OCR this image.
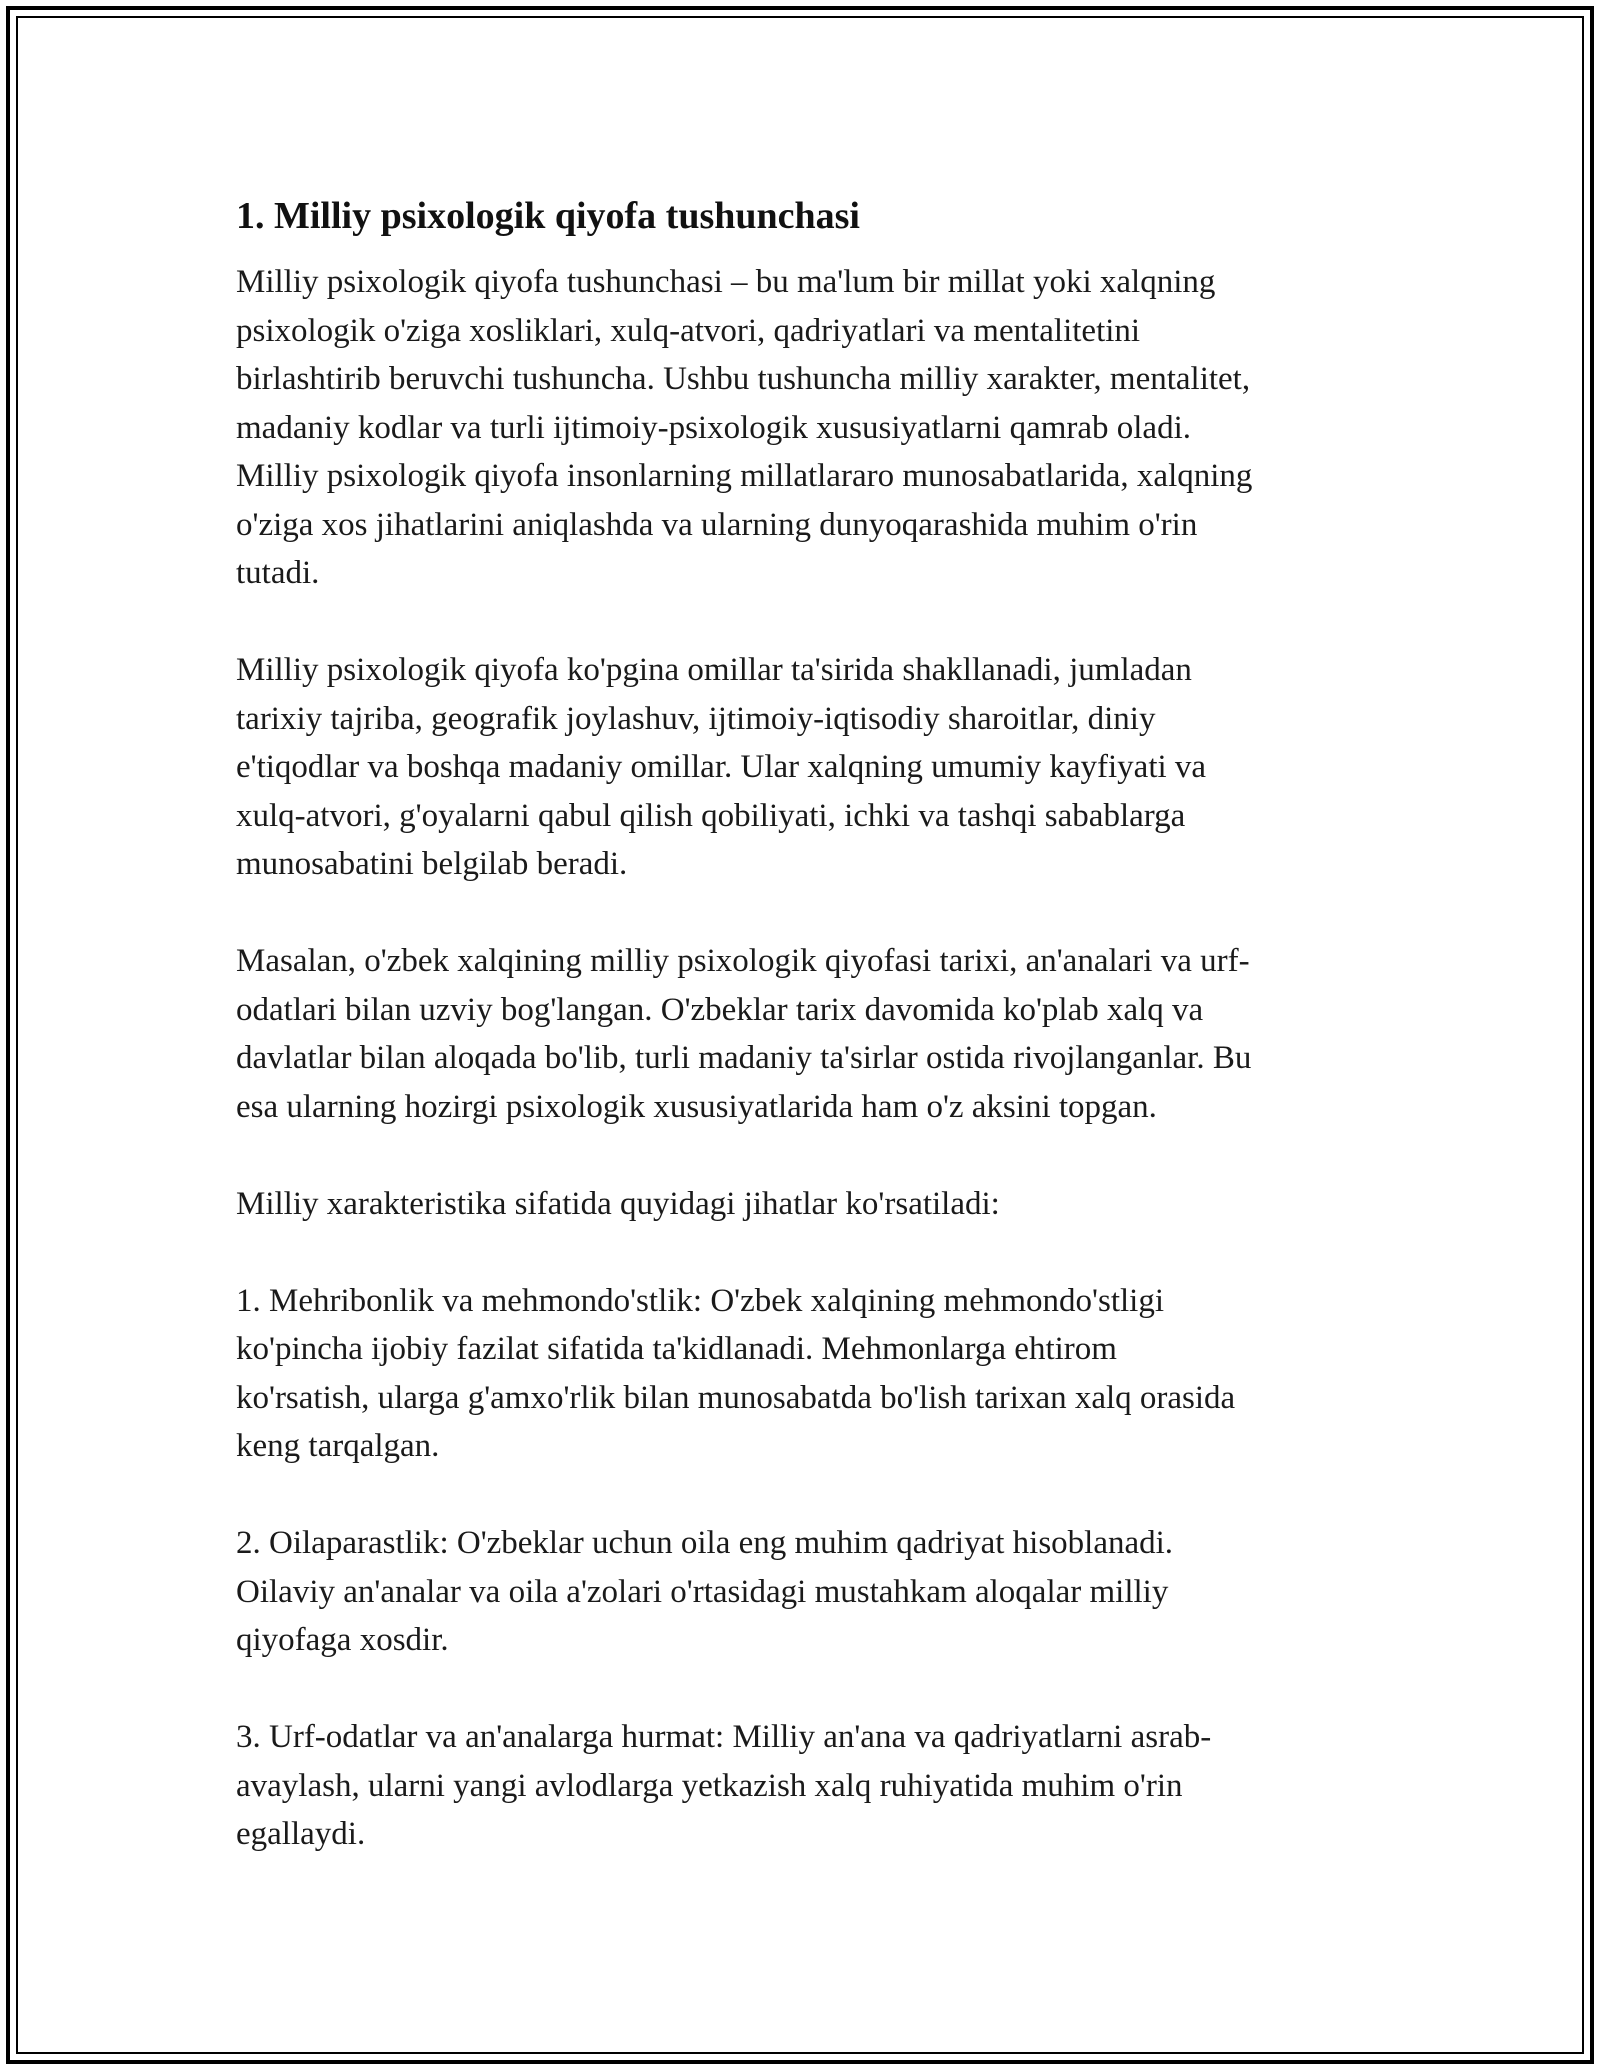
1. Milliy psixologik qiyofa tushunchasi

Milliy psixologik qiyofa tushunchasi – bu ma'lum bir millat yoki xalqning
psixologik o'ziga xosliklari, xulq-atvori, qadriyatlari va mentalitetini
birlashtirib beruvchi tushuncha. Ushbu tushuncha milliy xarakter, mentalitet,
madaniy kodlar va turli ijtimoiy-psixologik xususiyatlarni qamrab oladi.
Milliy psixologik qiyofa insonlarning millatlararo munosabatlarida, xalqning
o'ziga xos jihatlarini aniqlashda va ularning dunyoqarashida muhim o'rin
tutadi.

Milliy psixologik qiyofa ko'pgina omillar ta'sirida shakllanadi, jumladan
tarixiy tajriba, geografik joylashuv, ijtimoiy-iqtisodiy sharoitlar, diniy
e'tiqodlar va boshqa madaniy omillar. Ular xalqning umumiy kayfiyati va
xulq-atvori, g'oyalarni qabul qilish qobiliyati, ichki va tashqi sabablarga
munosabatini belgilab beradi.

Masalan, o'zbek xalqining milliy psixologik qiyofasi tarixi, an'analari va urf-
odatlari bilan uzviy bog'langan. O'zbeklar tarix davomida ko'plab xalq va
davlatlar bilan aloqada bo'lib, turli madaniy ta'sirlar ostida rivojlanganlar. Bu
esa ularning hozirgi psixologik xususiyatlarida ham o'z aksini topgan.

Milliy xarakteristika sifatida quyidagi jihatlar ko'rsatiladi:

1. Mehribonlik va mehmondo'stlik: O'zbek xalqining mehmondo'stligi
ko'pincha ijobiy fazilat sifatida ta'kidlanadi. Mehmonlarga ehtirom
ko'rsatish, ularga g'amxo'rlik bilan munosabatda bo'lish tarixan xalq orasida
keng tarqalgan.

2. Oilaparastlik: O'zbeklar uchun oila eng muhim qadriyat hisoblanadi.
Oilaviy an'analar va oila a'zolari o'rtasidagi mustahkam aloqalar milliy
qiyofaga xosdir.

3. Urf-odatlar va an'analarga hurmat: Milliy an'ana va qadriyatlarni asrab-
avaylash, ularni yangi avlodlarga yetkazish xalq ruhiyatida muhim o'rin
egallaydi.
